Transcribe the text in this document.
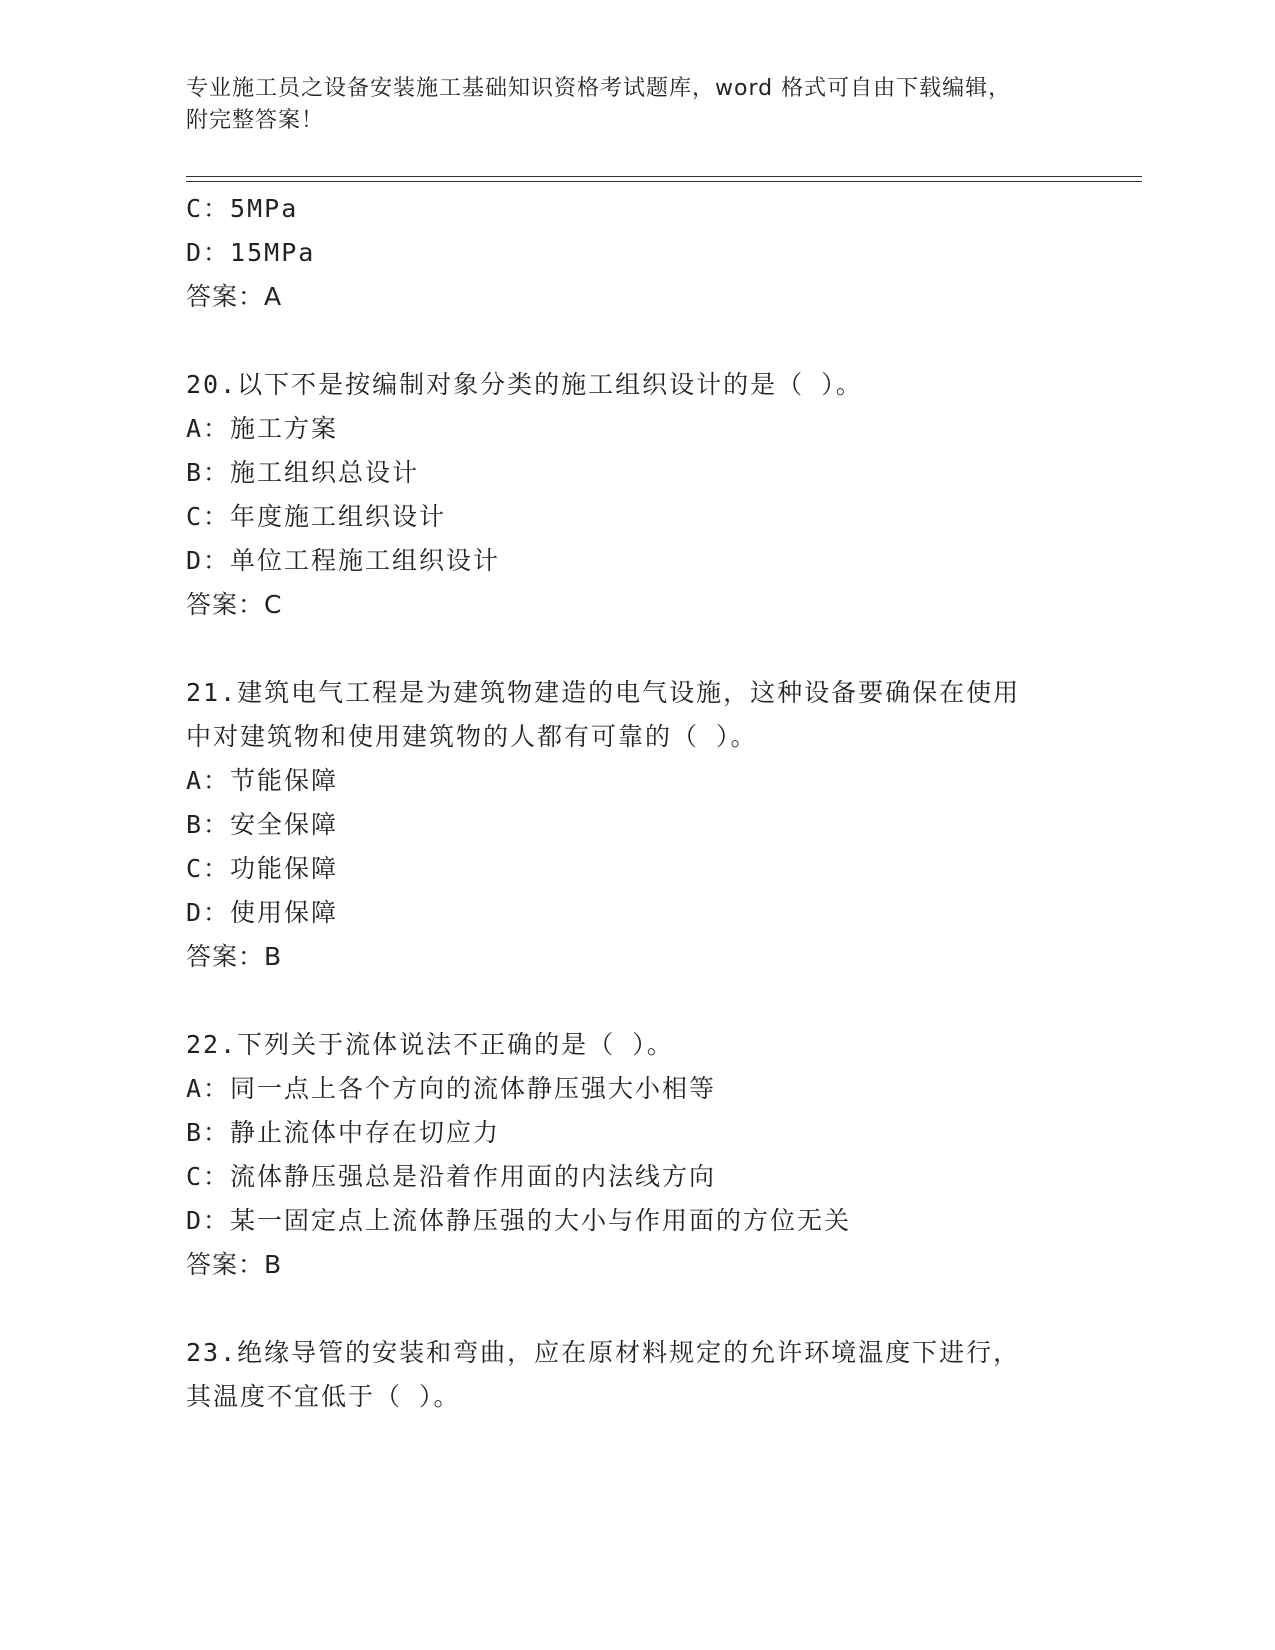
专业施工员之设备安装施工基础知识资格考试题库，word 格式可自由下载编辑，
附完整答案！
C：5MPa
D：15MPa
答案：A
20.以下不是按编制对象分类的施工组织设计的是（ ）。
A：施工方案
B：施工组织总设计
C：年度施工组织设计
D：单位工程施工组织设计
答案：C
21.建筑电气工程是为建筑物建造的电气设施，这种设备要确保在使用
中对建筑物和使用建筑物的人都有可靠的（ ）。
A：节能保障
B：安全保障
C：功能保障
D：使用保障
答案：B
22.下列关于流体说法不正确的是（ ）。
A：同一点上各个方向的流体静压强大小相等
B：静止流体中存在切应力
C：流体静压强总是沿着作用面的内法线方向
D：某一固定点上流体静压强的大小与作用面的方位无关
答案：B
23.绝缘导管的安装和弯曲，应在原材料规定的允许环境温度下进行，
其温度不宜低于（ ）。
